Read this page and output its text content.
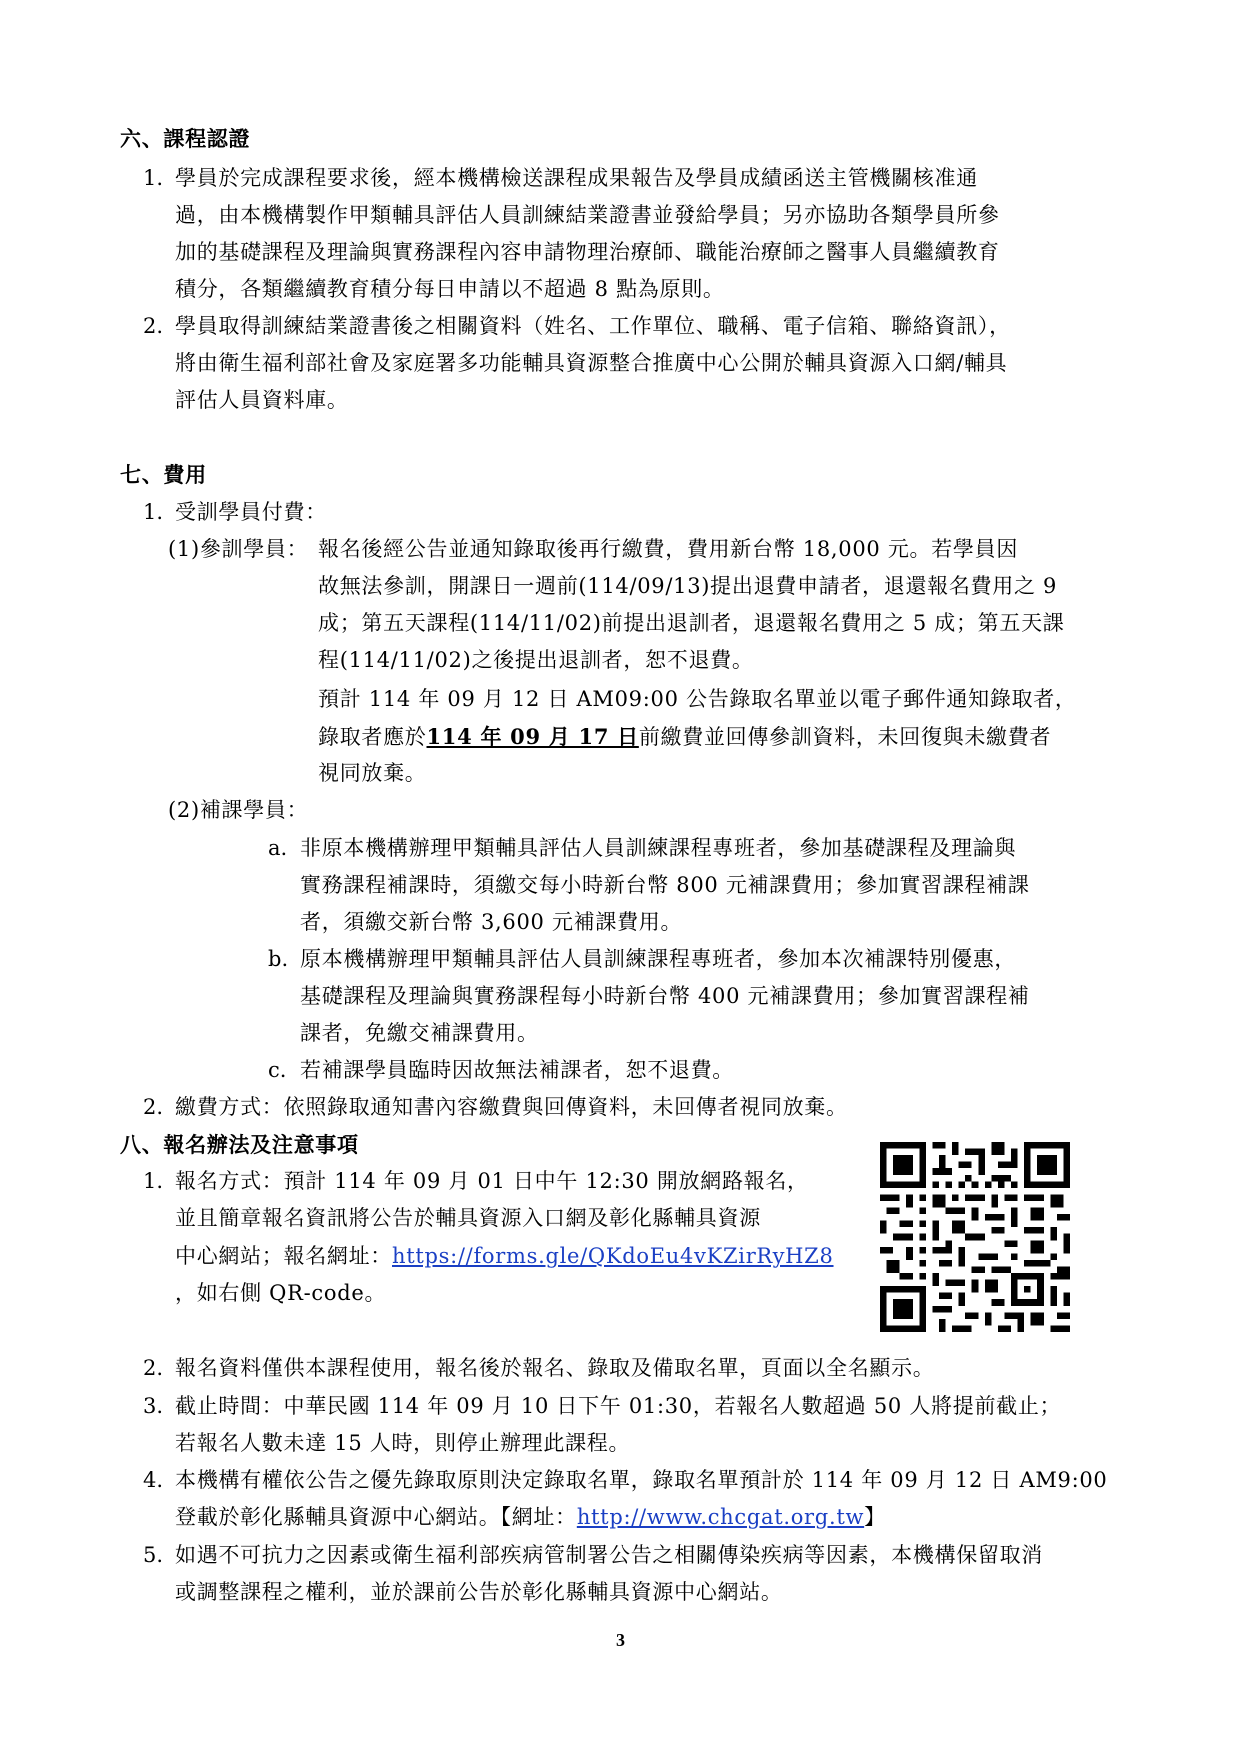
六、課程認證
1. 學員於完成課程要求後，經本機構檢送課程成果報告及學員成績函送主管機關核准通
過，由本機構製作甲類輔具評估人員訓練結業證書並發給學員；另亦協助各類學員所參
加的基礎課程及理論與實務課程內容申請物理治療師、職能治療師之醫事人員繼續教育
積分，各類繼續教育積分每日申請以不超過 8 點為原則。
2. 學員取得訓練結業證書後之相關資料（姓名、工作單位、職稱、電子信箱、聯絡資訊），
將由衛生福利部社會及家庭署多功能輔具資源整合推廣中心公開於輔具資源入口網/輔具
評估人員資料庫。
七、費用
1. 受訓學員付費：
(1)參訓學員： 報名後經公告並通知錄取後再行繳費，費用新台幣 18,000 元。若學員因
故無法參訓，開課日一週前(114/09/13)提出退費申請者，退還報名費用之 9
成；第五天課程(114/11/02)前提出退訓者，退還報名費用之 5 成；第五天課
程(114/11/02)之後提出退訓者，恕不退費。
預計 114 年 09 月 12 日 AM09:00 公告錄取名單並以電子郵件通知錄取者，
錄取者應於114 年 09 月 17 日前繳費並回傳參訓資料，未回復與未繳費者
視同放棄。
(2)補課學員：
a. 非原本機構辦理甲類輔具評估人員訓練課程專班者，參加基礎課程及理論與
實務課程補課時，須繳交每小時新台幣 800 元補課費用；參加實習課程補課
者，須繳交新台幣 3,600 元補課費用。
b. 原本機構辦理甲類輔具評估人員訓練課程專班者，參加本次補課特別優惠，
基礎課程及理論與實務課程每小時新台幣 400 元補課費用；參加實習課程補
課者，免繳交補課費用。
c. 若補課學員臨時因故無法補課者，恕不退費。
2. 繳費方式：依照錄取通知書內容繳費與回傳資料，未回傳者視同放棄。
八、報名辦法及注意事項
1. 報名方式：預計 114 年 09 月 01 日中午 12:30 開放網路報名，
並且簡章報名資訊將公告於輔具資源入口網及彰化縣輔具資源
中心網站；報名網址：https://forms.gle/QKdoEu4vKZirRyHZ8
，如右側 QR-code。
2. 報名資料僅供本課程使用，報名後於報名、錄取及備取名單，頁面以全名顯示。
3. 截止時間：中華民國 114 年 09 月 10 日下午 01:30，若報名人數超過 50 人將提前截止；
若報名人數未達 15 人時，則停止辦理此課程。
4. 本機構有權依公告之優先錄取原則決定錄取名單，錄取名單預計於 114 年 09 月 12 日 AM9:00
登載於彰化縣輔具資源中心網站。【網址：http://www.chcgat.org.tw】
5. 如遇不可抗力之因素或衛生福利部疾病管制署公告之相關傳染疾病等因素，本機構保留取消
或調整課程之權利，並於課前公告於彰化縣輔具資源中心網站。
3
